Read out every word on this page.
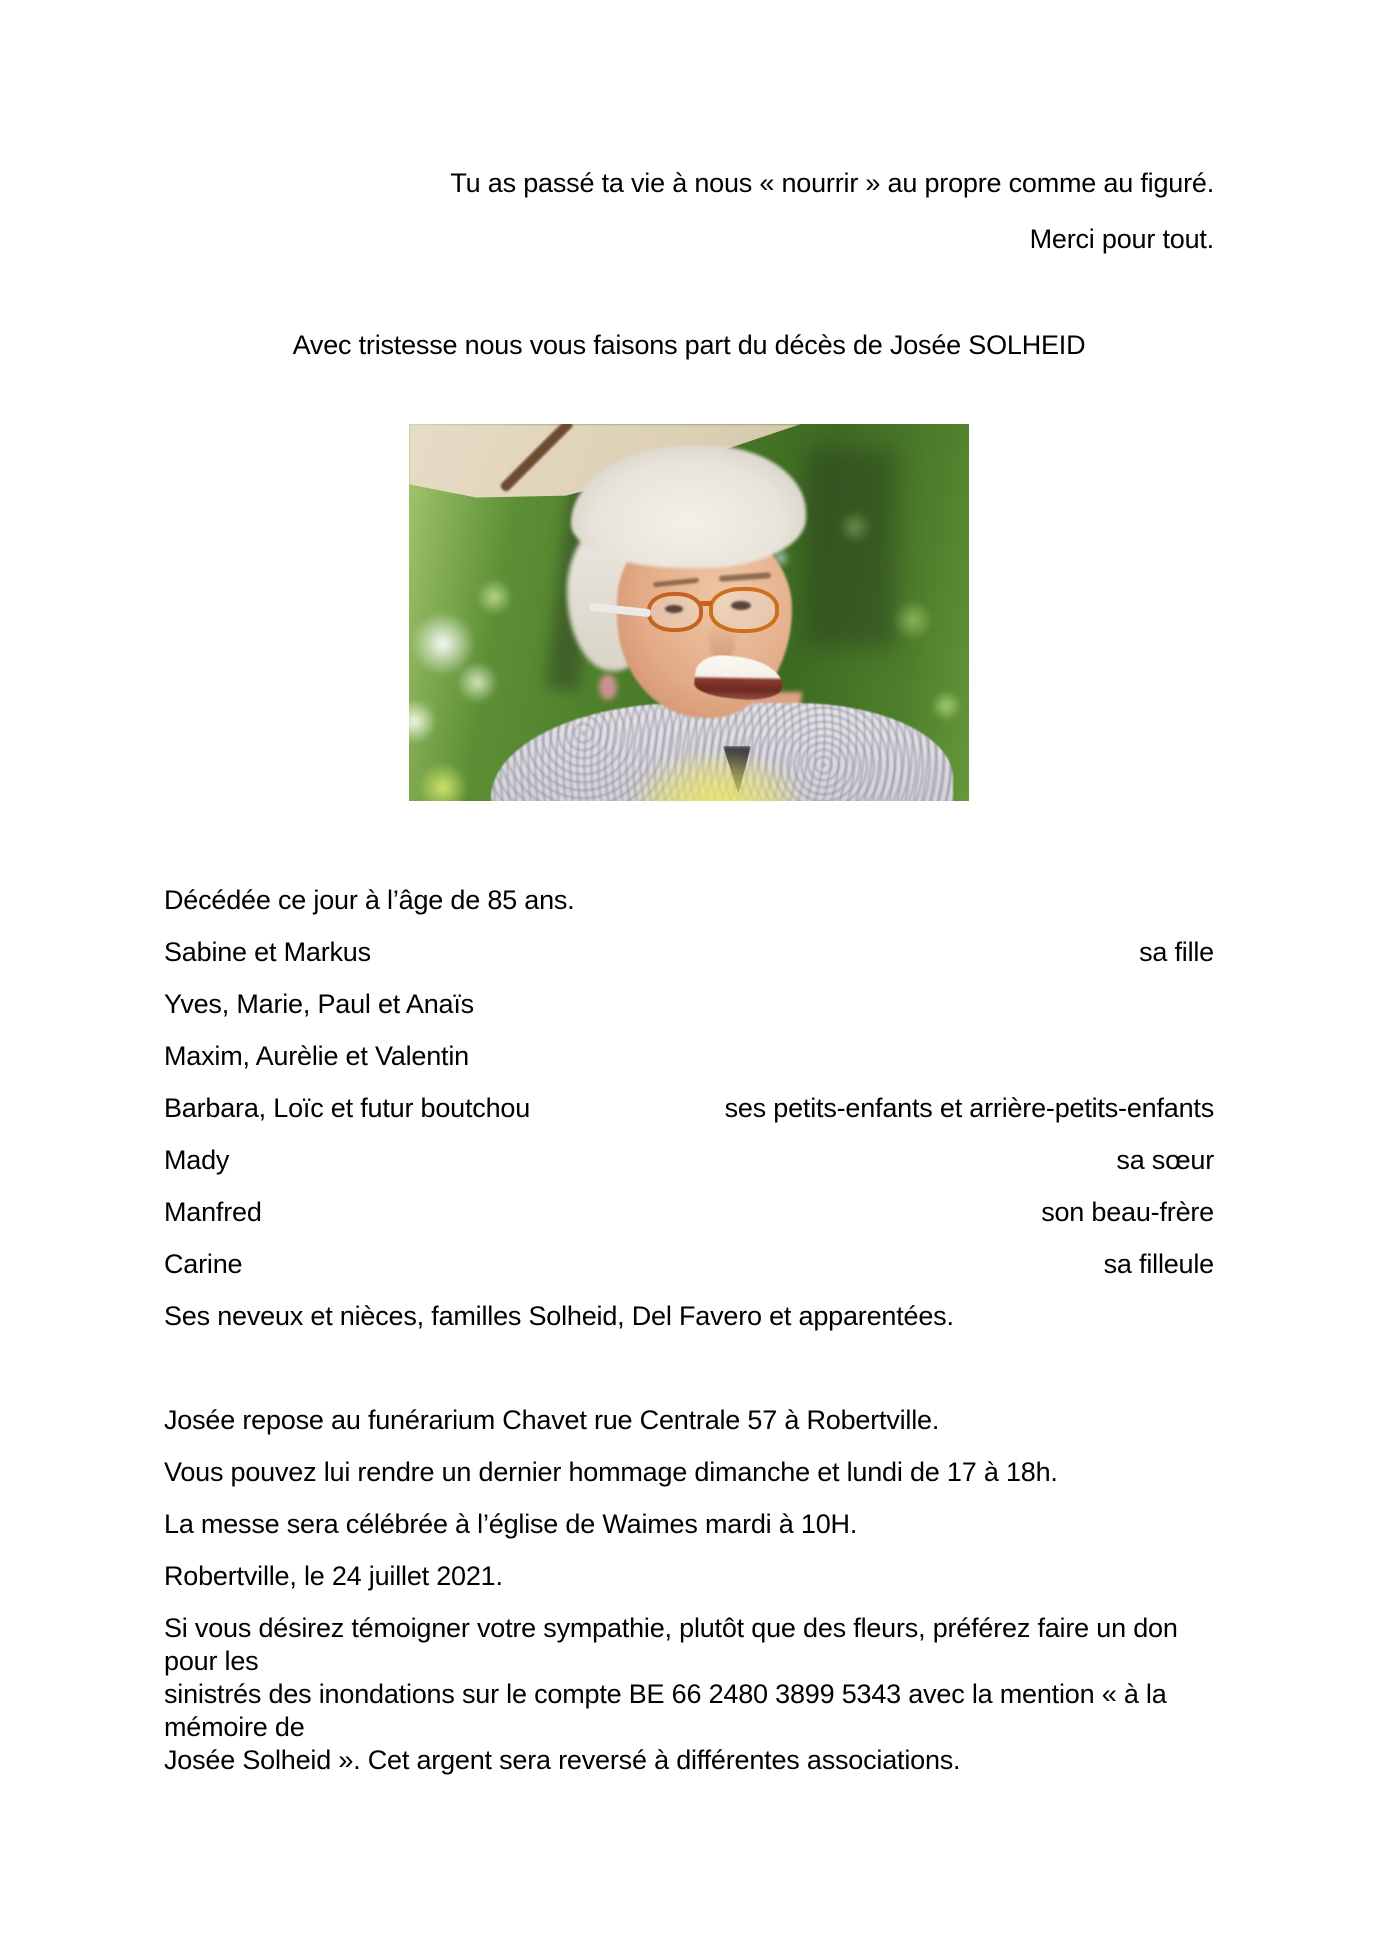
Tu as passé ta vie à nous « nourrir » au propre comme au figuré.

Merci pour tout.

Avec tristesse nous vous faisons part du décès de Josée SOLHEID

Décédée ce jour à l’âge de 85 ans.

Sabine et Markus	sa fille
Yves, Marie, Paul et Anaïs
Maxim, Aurèlie et Valentin
Barbara, Loïc et futur boutchou	ses petits-enfants et arrière-petits-enfants
Mady	sa sœur
Manfred	son beau-frère
Carine	sa filleule

Ses neveux et nièces, familles Solheid, Del Favero et apparentées.

Josée repose au funérarium Chavet rue Centrale 57 à Robertville.

Vous pouvez lui rendre un dernier hommage dimanche et lundi de 17 à 18h.

La messe sera célébrée à l’église de Waimes mardi à 10H.

Robertville, le 24 juillet 2021.

Si vous désirez témoigner votre sympathie, plutôt que des fleurs, préférez faire un don pour les
sinistrés des inondations sur le compte BE 66 2480 3899 5343 avec la mention « à la mémoire de
Josée Solheid ». Cet argent sera reversé à différentes associations.
